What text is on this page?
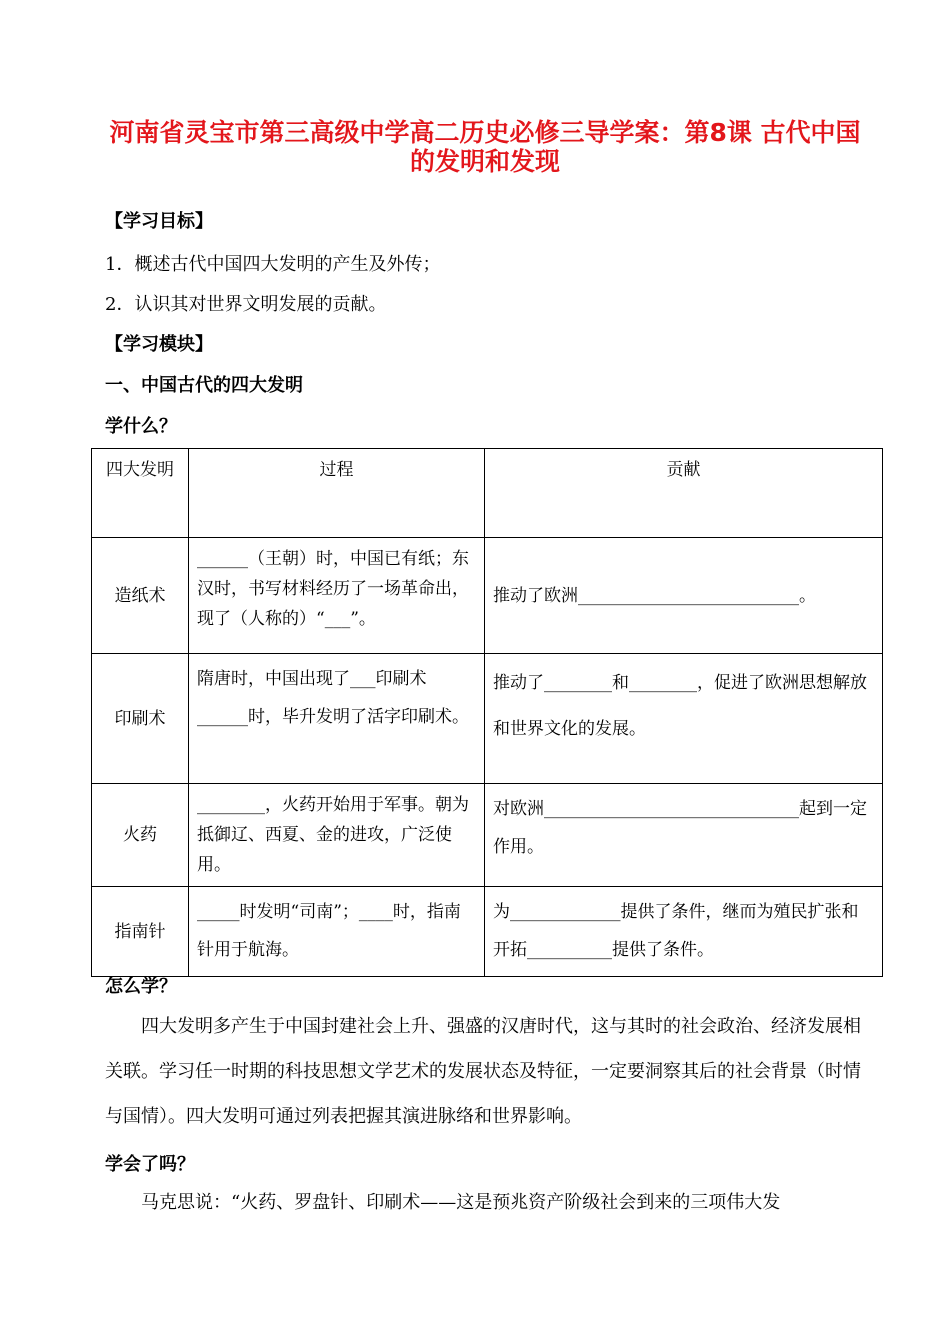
河南省灵宝市第三高级中学高二历史必修三导学案：第8课 古代中国的发明和发现
【学习目标】
1．概述古代中国四大发明的产生及外传；
2．认识其对世界文明发展的贡献。
【学习模块】
一、中国古代的四大发明
学什么？
四大发明	过程	贡献
造纸术	______（王朝）时，中国已有纸；东汉时，书写材料经历了一场革命出，现了（人称的）“___”。	推动了欧洲__________________________。
印刷术	隋唐时，中国出现了___印刷术______时，毕升发明了活字印刷术。	推动了________和________，促进了欧洲思想解放和世界文化的发展。
火药	________，火药开始用于军事。朝为抵御辽、西夏、金的进攻，广泛使用。	对欧洲______________________________起到一定作用。
指南针	_____时发明“司南”；____时，指南针用于航海。	为_____________提供了条件，继而为殖民扩张和开拓__________提供了条件。
怎么学？
四大发明多产生于中国封建社会上升、强盛的汉唐时代，这与其时的社会政治、经济发展相关联。学习任一时期的科技思想文学艺术的发展状态及特征，一定要洞察其后的社会背景（时情与国情）。四大发明可通过列表把握其演进脉络和世界影响。
学会了吗？
马克思说：“火药、罗盘针、印刷术——这是预兆资产阶级社会到来的三项伟大发
